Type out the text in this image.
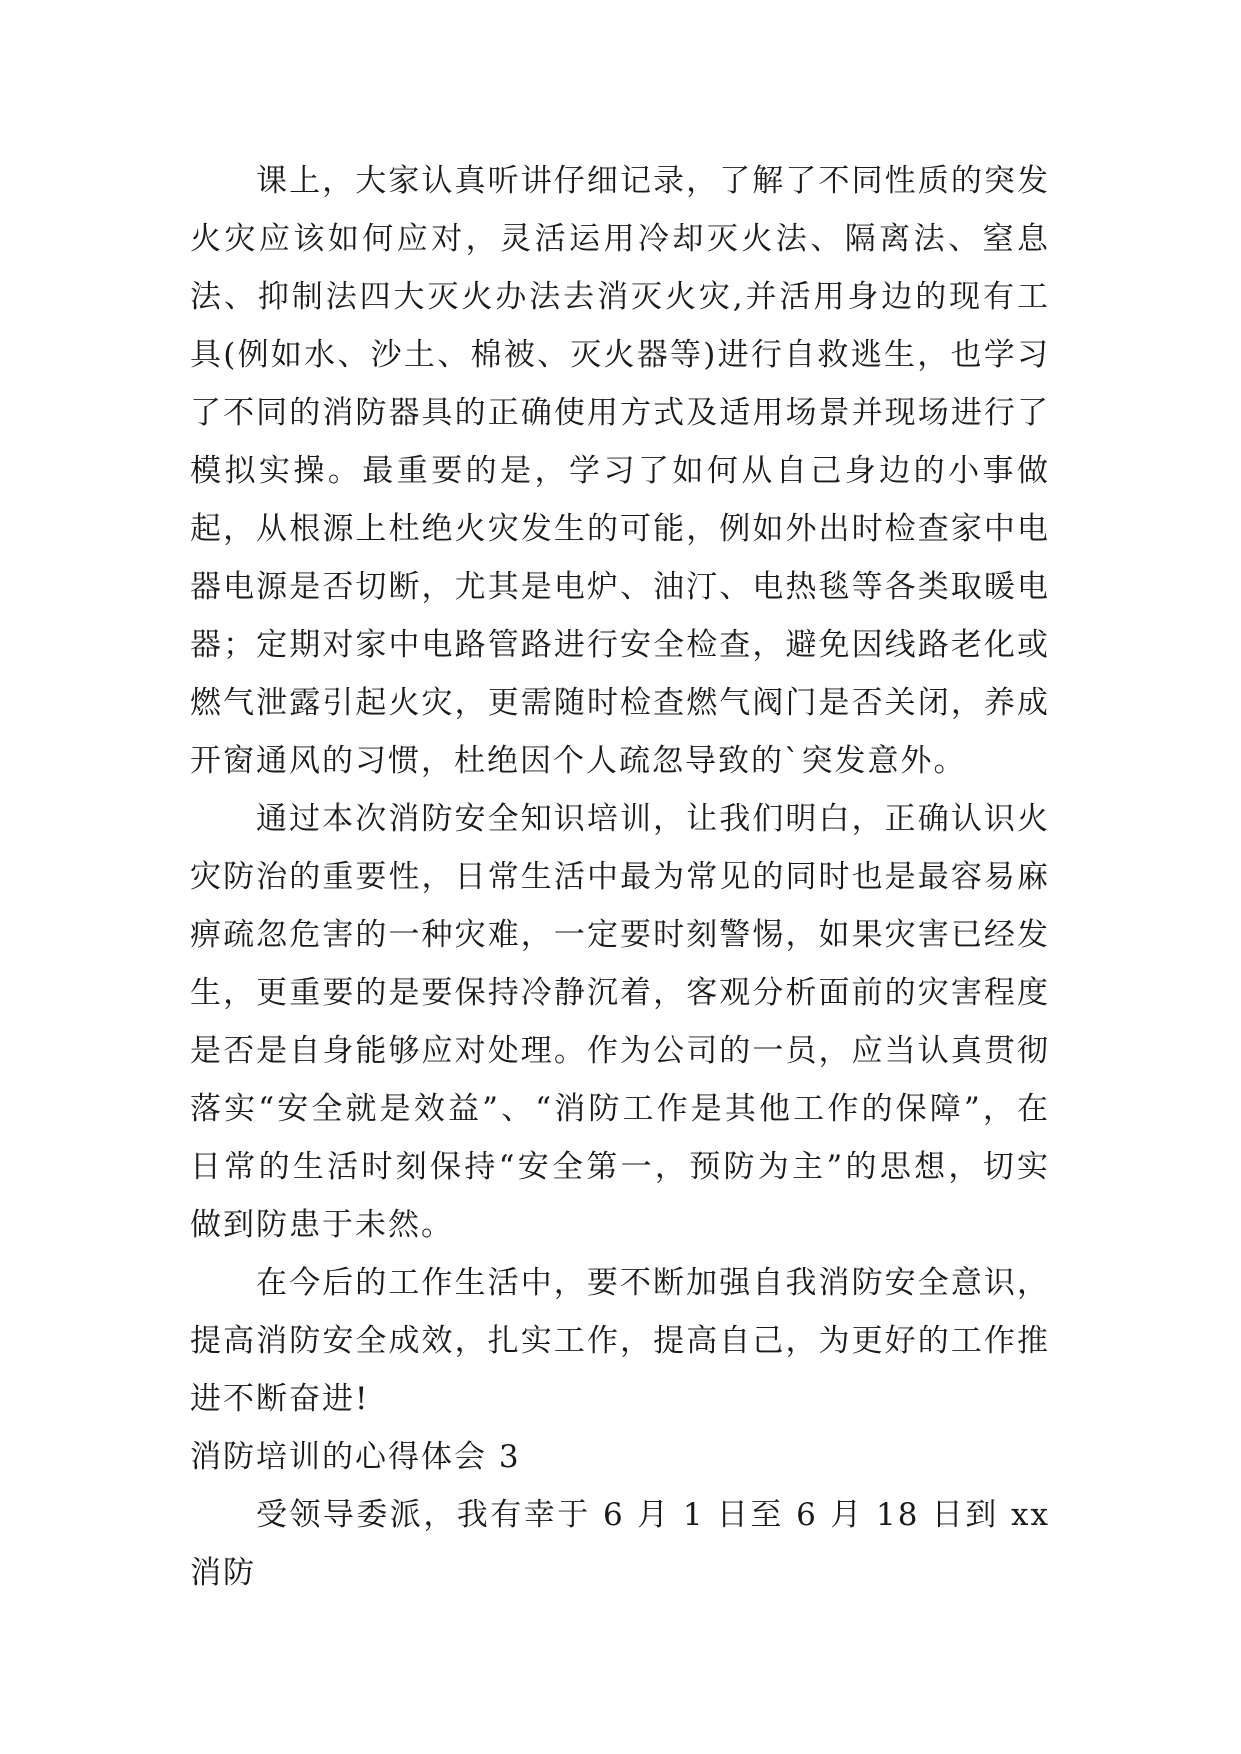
课上，大家认真听讲仔细记录，了解了不同性质的突发火灾应该如何应对，灵活运用冷却灭火法、隔离法、窒息法、抑制法四大灭火办法去消灭火灾,并活用身边的现有工具(例如水、沙土、棉被、灭火器等)进行自救逃生，也学习了不同的消防器具的正确使用方式及适用场景并现场进行了模拟实操。最重要的是，学习了如何从自己身边的小事做起，从根源上杜绝火灾发生的可能，例如外出时检查家中电器电源是否切断，尤其是电炉、油汀、电热毯等各类取暖电器；定期对家中电路管路进行安全检查，避免因线路老化或燃气泄露引起火灾，更需随时检查燃气阀门是否关闭，养成开窗通风的习惯，杜绝因个人疏忽导致的`突发意外。

通过本次消防安全知识培训，让我们明白，正确认识火灾防治的重要性，日常生活中最为常见的同时也是最容易麻痹疏忽危害的一种灾难，一定要时刻警惕，如果灾害已经发生，更重要的是要保持冷静沉着，客观分析面前的灾害程度是否是自身能够应对处理。作为公司的一员，应当认真贯彻落实“安全就是效益”、“消防工作是其他工作的保障”，在日常的生活时刻保持“安全第一，预防为主”的思想，切实做到防患于未然。

在今后的工作生活中，要不断加强自我消防安全意识，提高消防安全成效，扎实工作，提高自己，为更好的工作推进不断奋进!

消防培训的心得体会 3

受领导委派，我有幸于 6 月 1 日至 6 月 18 日到 xx 消防
